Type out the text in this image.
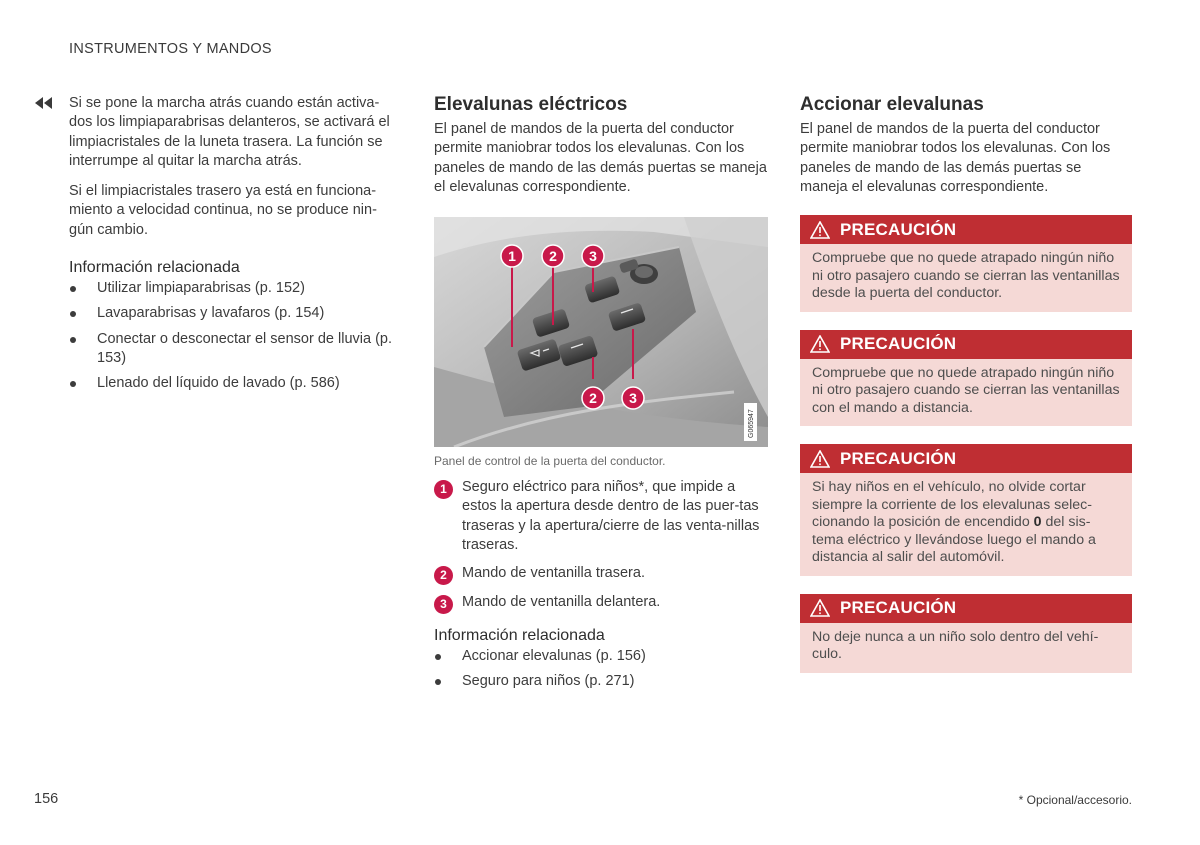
INSTRUMENTOS Y MANDOS

Si se pone la marcha atrás cuando están activa-dos los limpiaparabrisas delanteros, se activará el limpiacristales de la luneta trasera. La función se interrumpe al quitar la marcha atrás.

Si el limpiacristales trasero ya está en funciona-miento a velocidad continua, no se produce nin-gún cambio.

Información relacionada
Utilizar limpiaparabrisas (p. 152)
Lavaparabrisas y lavafaros (p. 154)
Conectar o desconectar el sensor de lluvia (p. 153)
Llenado del líquido de lavado (p. 586)
Elevalunas eléctricos

El panel de mandos de la puerta del conductor permite maniobrar todos los elevalunas. Con los paneles de mando de las demás puertas se maneja el elevalunas correspondiente.

1 2 3
2 3
G065947
Panel de control de la puerta del conductor.
1	Seguro eléctrico para niños*, que impide a estos la apertura desde dentro de las puer-tas traseras y la apertura/cierre de las venta-nillas traseras.
2	Mando de ventanilla trasera.
3	Mando de ventanilla delantera.
Información relacionada
Accionar elevalunas (p. 156)
Seguro para niños (p. 271)
Accionar elevalunas

El panel de mandos de la puerta del conductor permite maniobrar todos los elevalunas. Con los paneles de mando de las demás puertas se maneja el elevalunas correspondiente.

PRECAUCIÓN
Compruebe que no quede atrapado ningún niño ni otro pasajero cuando se cierran las ventanillas desde la puerta del conductor.
PRECAUCIÓN
Compruebe que no quede atrapado ningún niño ni otro pasajero cuando se cierran las ventanillas con el mando a distancia.
PRECAUCIÓN
Si hay niños en el vehículo, no olvide cortar siempre la corriente de los elevalunas selec-cionando la posición de encendido 0 del sis-tema eléctrico y llevándose luego el mando a distancia al salir del automóvil.
PRECAUCIÓN
No deje nunca a un niño solo dentro del vehí-culo.
156	* Opcional/accesorio.
